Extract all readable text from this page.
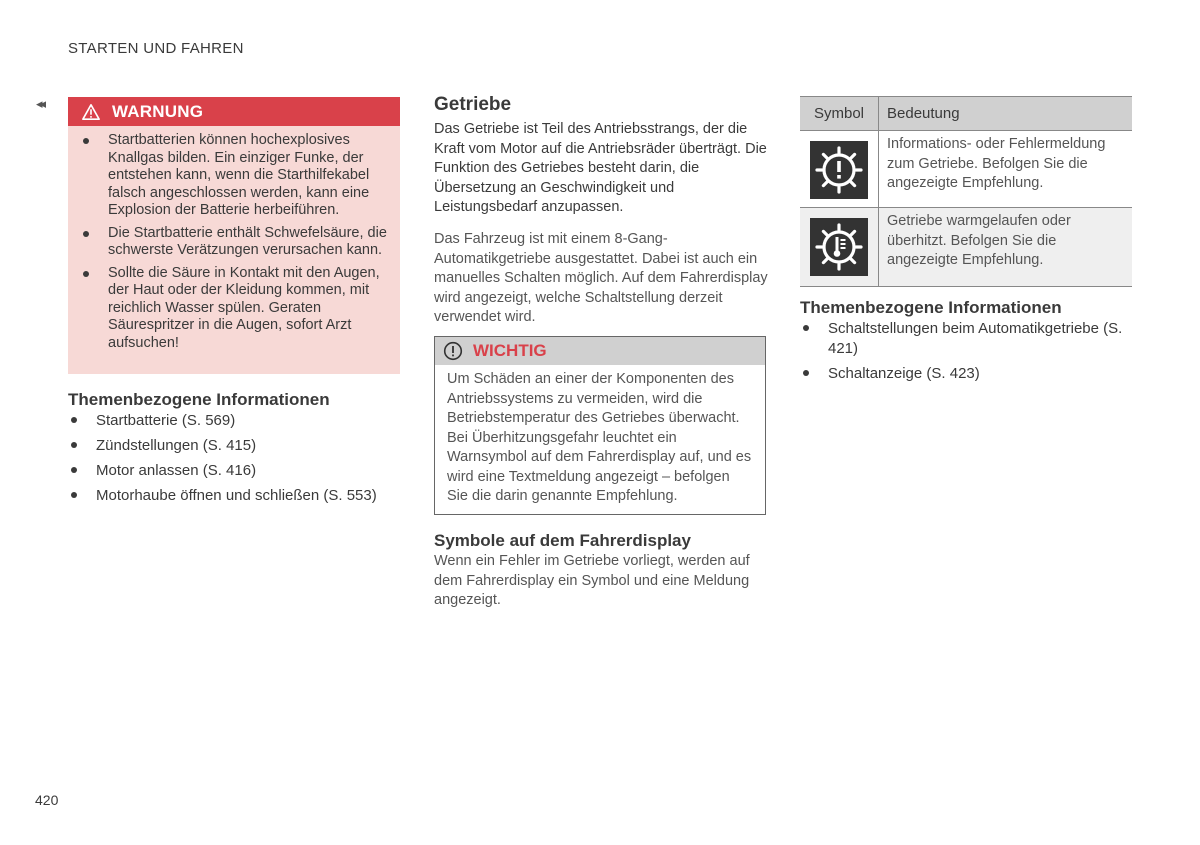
STARTEN UND FAHREN
◂◂	WARNUNG
Startbatterien können hochexplosives Knallgas bilden. Ein einziger Funke, der entstehen kann, wenn die Starthilfekabel falsch angeschlossen werden, kann eine Explosion der Batterie herbeiführen.
Die Startbatterie enthält Schwefelsäure, die schwerste Verätzungen verursachen kann.
Sollte die Säure in Kontakt mit den Augen, der Haut oder der Kleidung kommen, mit reichlich Wasser spülen. Geraten Säurespritzer in die Augen, sofort Arzt aufsuchen!
Themenbezogene Informationen
Startbatterie (S. 569)
Zündstellungen (S. 415)
Motor anlassen (S. 416)
Motorhaube öffnen und schließen (S. 553)
Getriebe

Das Getriebe ist Teil des Antriebsstrangs, der die Kraft vom Motor auf die Antriebsräder überträgt. Die Funktion des Getriebes besteht darin, die Übersetzung an Geschwindigkeit und Leistungsbedarf anzupassen.

Das Fahrzeug ist mit einem 8-Gang-Automatikgetriebe ausgestattet. Dabei ist auch ein manuelles Schalten möglich. Auf dem Fahrerdisplay wird angezeigt, welche Schaltstellung derzeit verwendet wird.

WICHTIG

Um Schäden an einer der Komponenten des Antriebssystems zu vermeiden, wird die Betriebstemperatur des Getriebes überwacht. Bei Überhitzungsgefahr leuchtet ein Warnsymbol auf dem Fahrerdisplay auf, und es wird eine Textmeldung angezeigt – befolgen Sie die darin genannte Empfehlung.

Symbole auf dem Fahrerdisplay

Wenn ein Fehler im Getriebe vorliegt, werden auf dem Fahrerdisplay ein Symbol und eine Meldung angezeigt.

Symbol	Bedeutung

	Informations- oder Fehlermeldung zum Getriebe. Befolgen Sie die angezeigte Empfehlung.

	Getriebe warmgelaufen oder überhitzt. Befolgen Sie die angezeigte Empfehlung.
Themenbezogene Informationen
Schaltstellungen beim Automatikgetriebe (S. 421)
Schaltanzeige (S. 423)
420
